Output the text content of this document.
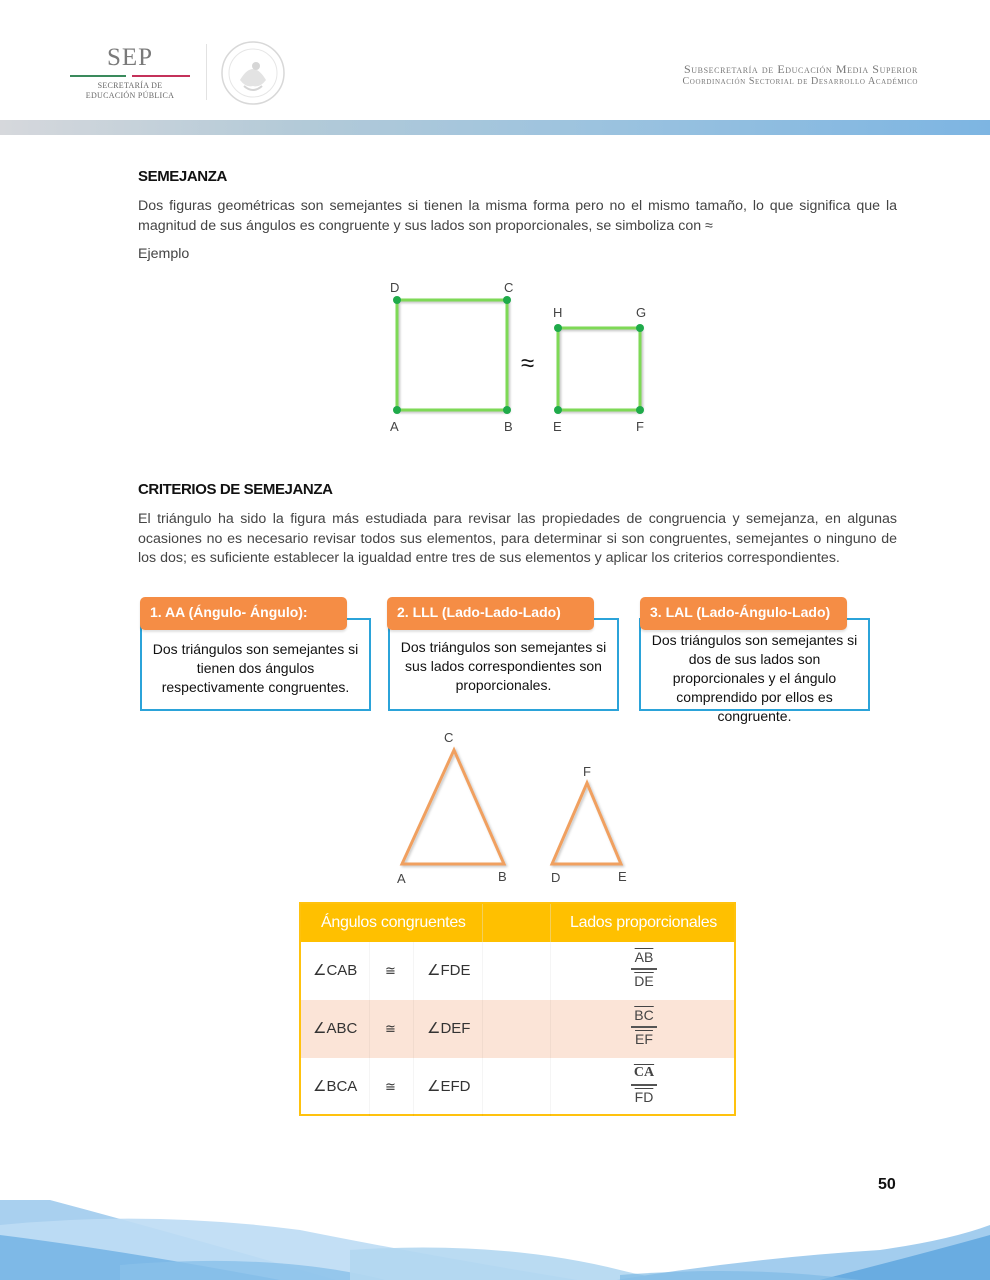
SEP
SECRETARÍA DE
EDUCACIÓN PÚBLICA
Subsecretaría de Educación Media Superior
Coordinación Sectorial de Desarrollo Académico
SEMEJANZA
Dos figuras geométricas son semejantes si tienen la misma forma pero no el mismo tamaño, lo que significa que la magnitud de sus ángulos es congruente y sus lados son proporcionales, se simboliza con ≈
Ejemplo
D	C
A	B
H	G
E	F
≈
CRITERIOS DE SEMEJANZA
El triángulo ha sido la figura más estudiada para revisar las propiedades de congruencia y semejanza, en algunas ocasiones no es necesario revisar todos sus elementos, para determinar si son congruentes, semejantes o ninguno de los dos; es suficiente establecer la igualdad entre tres de sus elementos y aplicar los criterios correspondientes.
Dos triángulos son semejantes si tienen dos ángulos respectivamente congruentes.
1. AA (Ángulo- Ángulo):
Dos triángulos son semejantes si sus lados correspondientes son proporcionales.
2. LLL (Lado-Lado-Lado)
Dos triángulos son semejantes si dos de sus lados son proporcionales y el ángulo comprendido por ellos es congruente.
3. LAL (Lado-Ángulo-Lado)
C
A	B
F
D	E
Ángulos congruentes	Lados proporcionales
∠CAB ≅ ∠FDE	$\frac{\overline{AB}}{DE}$
∠ABC ≅ ∠DEF	$\frac{\overline{BC}}{EF}$
∠BCA ≅ ∠EFD	$\frac{\overline{CA}}{FD}$
50
